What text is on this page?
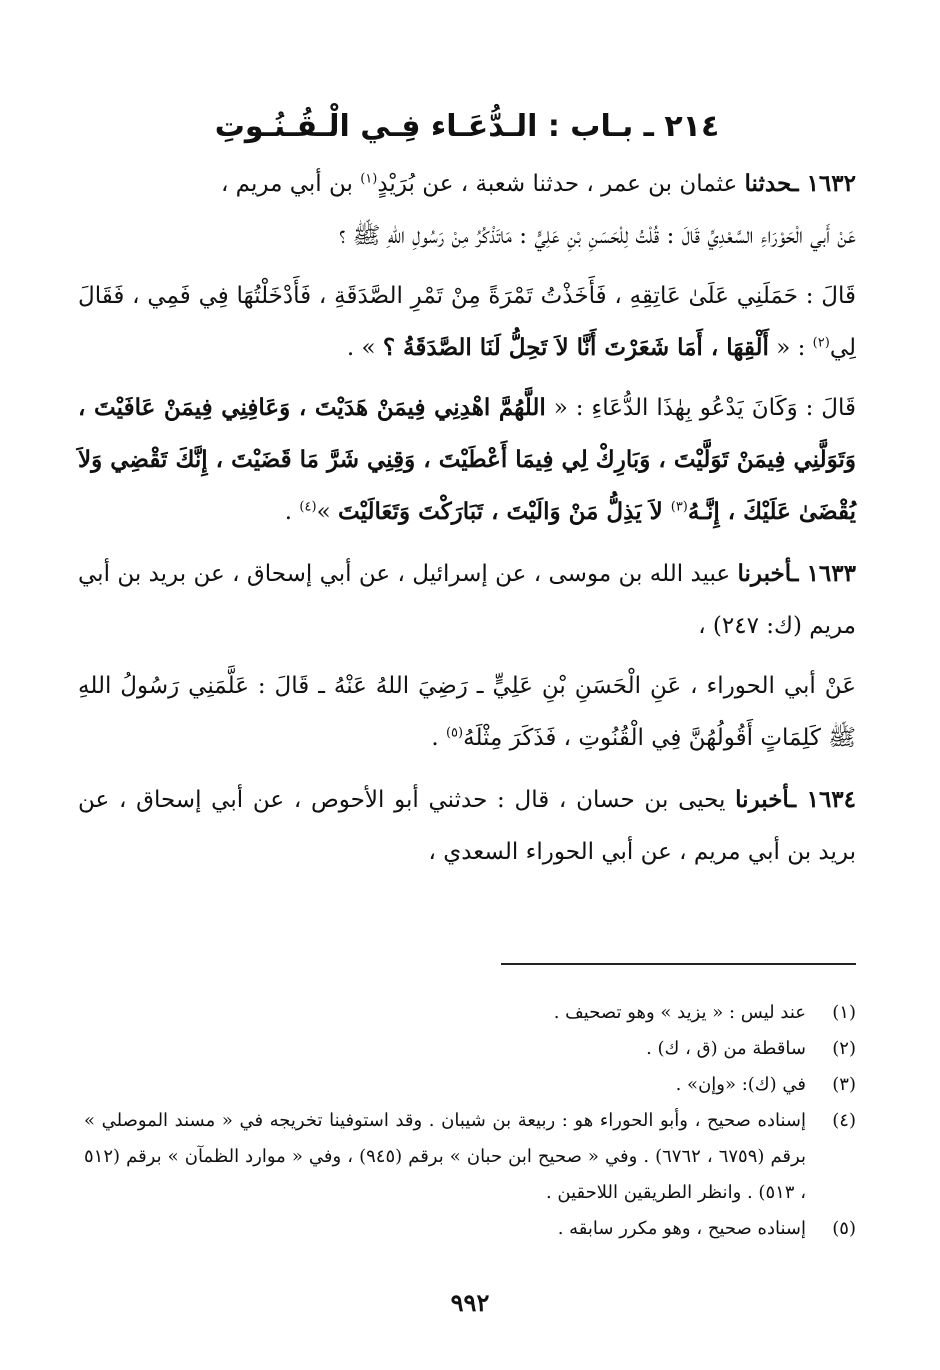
٢١٤ ـ بـاب : الـدُّعَـاء فِـي الْـقُـنُـوتِ

١٦٣٢ ـحدثنا عثمان بن عمر ، حدثنا شعبة ، عن بُرَيْدٍ$^{(١)}$ بن أبي مريم ،

عَنْ أَبي الْحَوْرَاءِ السَّعْدِيِّ قَالَ : قُلْتُ لِلْحَسَنِ بْنِ عَلِيٍّ : مَاتَذْكُرُ مِنْ رَسُولِ اللهِ ﷺ ؟

قَالَ : حَمَلَنِي عَلَىٰ عَاتِقِهِ ، فَأَخَذْتُ تَمْرَةً مِنْ تَمْرِ الصَّدَقَةِ ، فَأَدْخَلْتُهَا فِي فَمِي ، فَقَالَ لِي$^{(٢)}$ : « أَلْقِهَا ، أَمَا شَعَرْتَ أَنَّا لاَ تَحِلُّ لَنَا الصَّدَقَةُ ؟ » .

قَالَ : وَكَانَ يَدْعُو بِهٰذَا الدُّعَاءِ : « اللَّهُمَّ اهْدِنِي فِيمَنْ هَدَيْتَ ، وَعَافِنِي فِيمَنْ عَافَيْتَ ، وَتَوَلَّنِي فِيمَنْ تَوَلَّيْتَ ، وَبَارِكْ لِي فِيمَا أَعْطَيْتَ ، وَقِنِي شَرَّ مَا قَضَيْتَ ، إِنَّكَ تَقْضِي وَلاَ يُقْضَىٰ عَلَيْكَ ، إِنَّـهُ$^{(٣)}$ لاَ يَذِلُّ مَنْ وَالَيْتَ ، تَبَارَكْتَ وَتَعَالَيْتَ »$^{(٤)}$ .

١٦٣٣ ـأخبرنا عبيد الله بن موسى ، عن إسرائيل ، عن أبي إسحاق ، عن بريد بن أبي مريم (ك: ٢٤٧) ،

عَنْ أبي الحوراء ، عَنِ الْحَسَنِ بْنِ عَلِيٍّ ـ رَضِيَ اللهُ عَنْهُ ـ قَالَ : عَلَّمَنِي رَسُولُ اللهِ ﷺ كَلِمَاتٍ أَقُولُهُنَّ فِي الْقُنُوتِ ، فَذَكَرَ مِثْلَهُ$^{(٥)}$ .

١٦٣٤ ـأخبرنا يحيى بن حسان ، قال : حدثني أبو الأحوص ، عن أبي إسحاق ، عن بريد بن أبي مريم ، عن أبي الحوراء السعدي ،

(١)
عند ليس : « يزيد » وهو تصحيف .
(٢)
ساقطة من (ق ، ك) .
(٣)
في (ك): «وإن» .
(٤)
إسناده صحيح ، وأبو الحوراء هو : ربيعة بن شيبان . وقد استوفينا تخريجه في « مسند الموصلي » برقم (٦٧٥٩ ، ٦٧٦٢) . وفي « صحيح ابن حبان » برقم (٩٤٥) ، وفي « موارد الظمآن » برقم (٥١٢ ، ٥١٣) . وانظر الطريقين اللاحقين .
(٥)
إسناده صحيح ، وهو مكرر سابقه .
٩٩٢
